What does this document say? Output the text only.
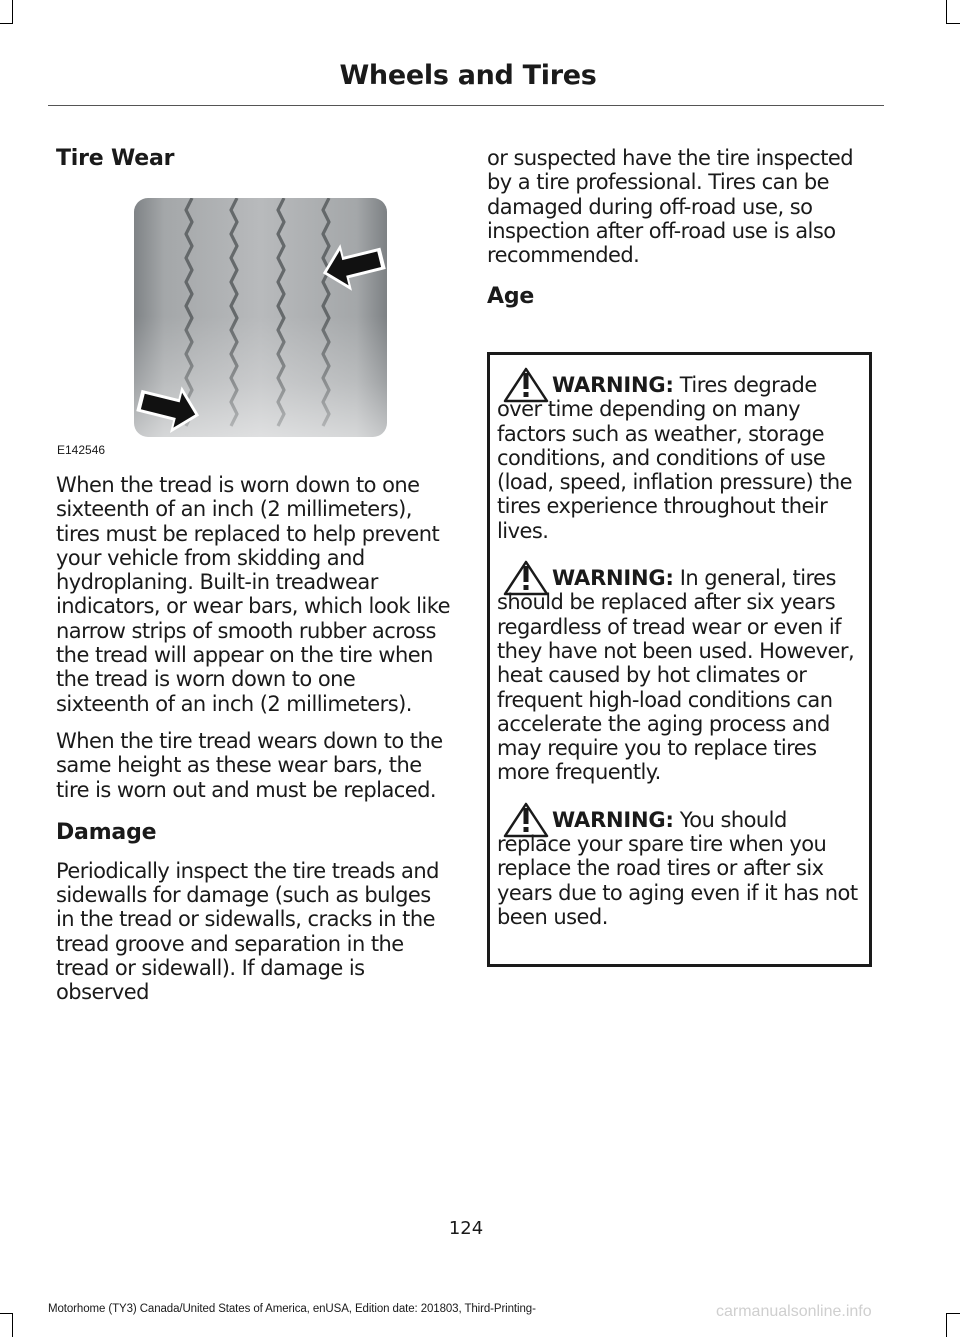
Wheels and Tires
Tire Wear

When the tread is worn down to one sixteenth of an inch (2 millimeters), tires must be replaced to help prevent your vehicle from skidding and hydroplaning. Built-in treadwear indicators, or wear bars, which look like narrow strips of smooth rubber across the tread will appear on the tire when the tread is worn down to one sixteenth of an inch (2 millimeters).

When the tire tread wears down to the same height as these wear bars, the tire is worn out and must be replaced.

Damage

Periodically inspect the tire treads and sidewalls for damage (such as bulges in the tread or sidewalls, cracks in the tread groove and separation in the tread or sidewall). If damage is observed

E142546

or suspected have the tire inspected by a tire professional. Tires can be damaged during off-road use, so inspection after off-road use is also recommended.

Age

WARNING: Tires degrade over time depending on many factors such as weather, storage conditions, and conditions of use (load, speed, inflation pressure) the tires experience throughout their lives.

WARNING: In general, tires should be replaced after six years regardless of tread wear or even if they have not been used. However, heat caused by hot climates or frequent high-load conditions can accelerate the aging process and may require you to replace tires more frequently.

WARNING: You should replace your spare tire when you replace the road tires or after six years due to aging even if it has not been used.

124
Motorhome (TY3) Canada/United States of America, enUSA, Edition date: 201803, Third-Printing-	carmanualsonline.info
